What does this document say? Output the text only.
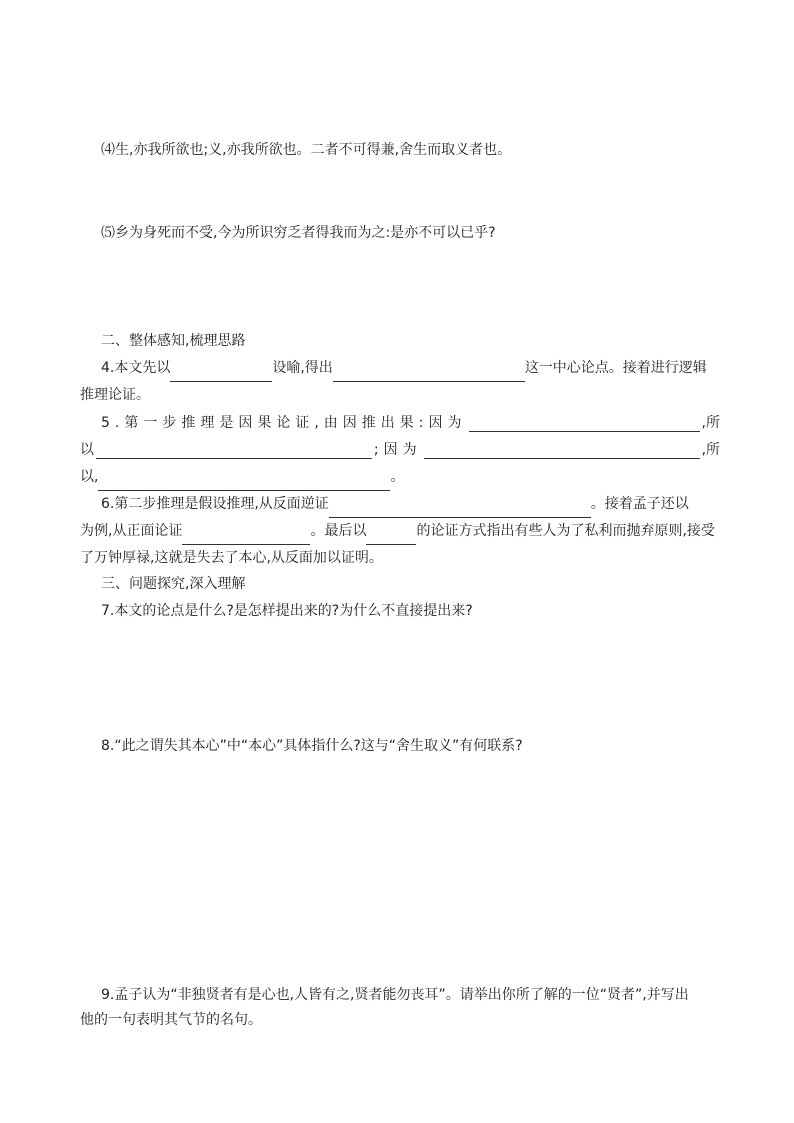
⑷生,亦我所欲也;义,亦我所欲也。二者不可得兼,舍生而取义者也。
⑸乡为身死而不受,今为所识穷乏者得我而为之:是亦不可以已乎?
二、整体感知,梳理思路
4.本文先以	设喻,得出	这一中心论点。接着进行逻辑
推理论证。
5.第一步推理是因果论证,由因推出果:因为	,所
以	;因为	,所
以,	。
6.第二步推理是假设推理,从反面逆证	。接着孟子还以
为例,从正面论证	。最后以	的论证方式指出有些人为了私利而抛弃原则,接受
了万钟厚禄,这就是失去了本心,从反面加以证明。
三、问题探究,深入理解
7.本文的论点是什么?是怎样提出来的?为什么不直接提出来?
8.“此之谓失其本心”中“本心”具体指什么?这与“舍生取义”有何联系?
9.孟子认为“非独贤者有是心也,人皆有之,贤者能勿丧耳”。请举出你所了解的一位“贤者”,并写出
他的一句表明其气节的名句。
